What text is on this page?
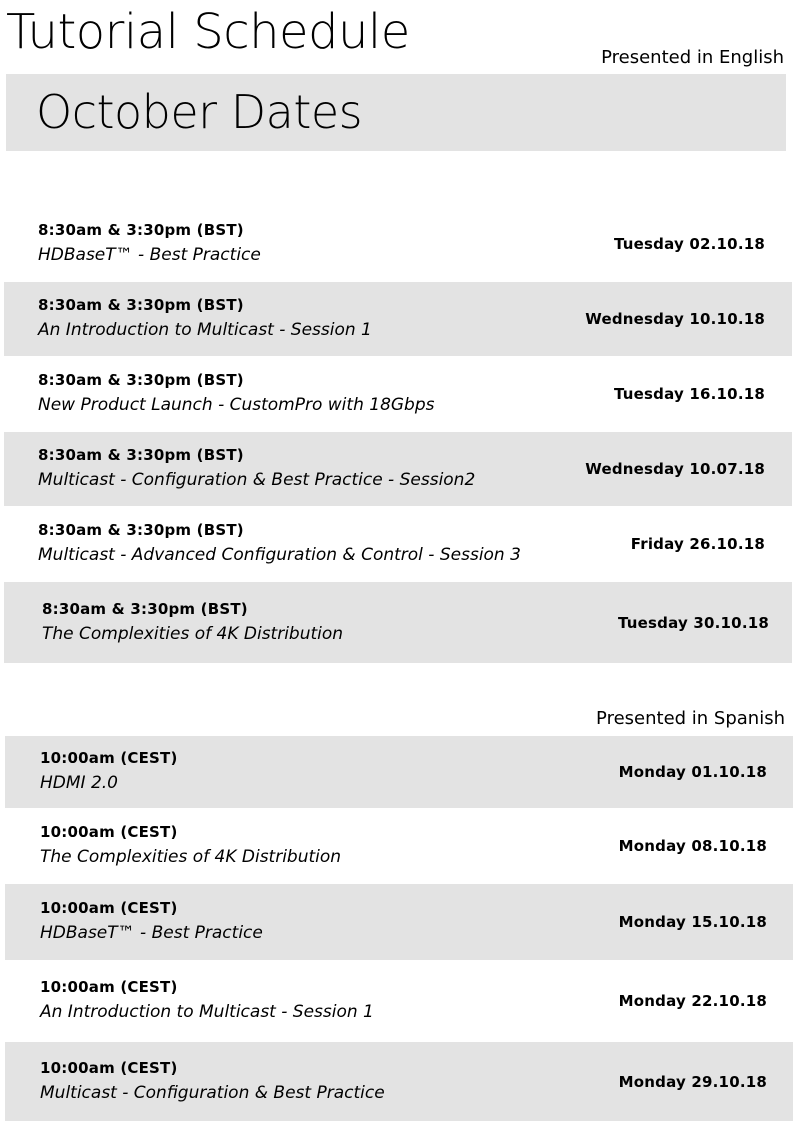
Tutorial Schedule	Presented in English
October Dates
8:30am & 3:30pm (BST)
HDBaseT™ - Best Practice
Tuesday 02.10.18
8:30am & 3:30pm (BST)
An Introduction to Multicast - Session 1
Wednesday 10.10.18
8:30am & 3:30pm (BST)
New Product Launch - CustomPro with 18Gbps
Tuesday 16.10.18
8:30am & 3:30pm (BST)
Multicast - Configuration & Best Practice - Session2
Wednesday 10.07.18
8:30am & 3:30pm (BST)
Multicast - Advanced Configuration & Control - Session 3
Friday 26.10.18
8:30am & 3:30pm (BST)
The Complexities of 4K Distribution
Tuesday 30.10.18
Presented in Spanish
10:00am (CEST)
HDMI 2.0
Monday 01.10.18
10:00am (CEST)
The Complexities of 4K Distribution
Monday 08.10.18
10:00am (CEST)
HDBaseT™ - Best Practice
Monday 15.10.18
10:00am (CEST)
An Introduction to Multicast - Session 1
Monday 22.10.18
10:00am (CEST)
Multicast - Configuration & Best Practice
Monday 29.10.18
